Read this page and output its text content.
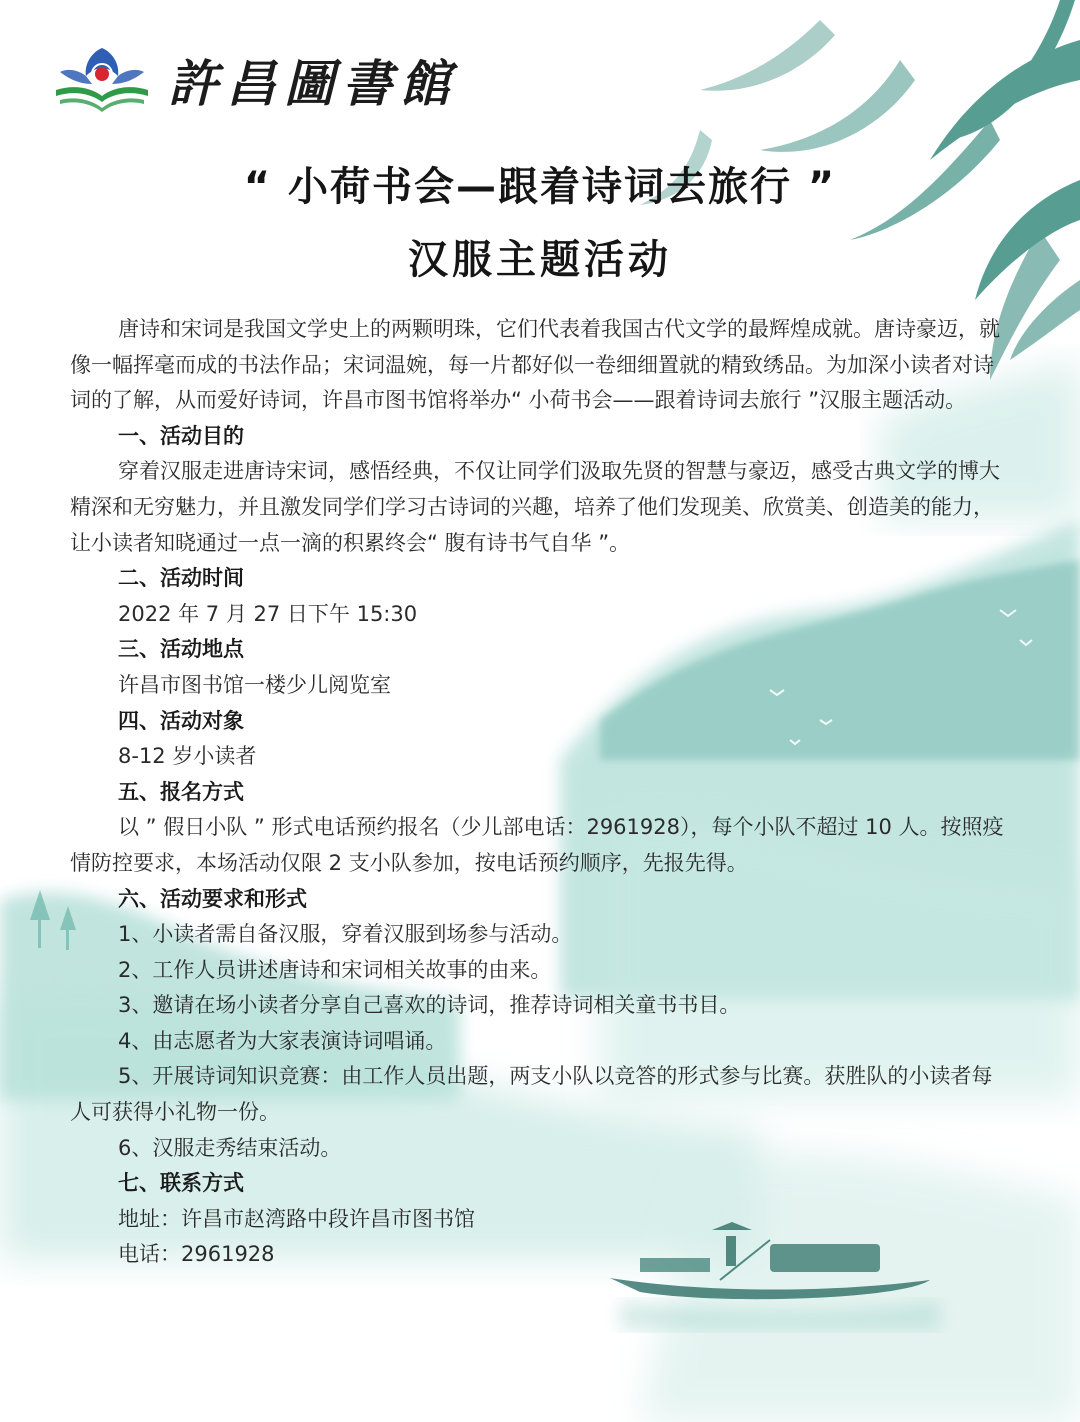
許昌圖書館
“ 小荷书会—跟着诗词去旅行 ”
汉服主题活动

唐诗和宋词是我国文学史上的两颗明珠，它们代表着我国古代文学的最辉煌成就。唐诗豪迈，就像一幅挥毫而成的书法作品；宋词温婉，每一片都好似一卷细细置就的精致绣品。为加深小读者对诗词的了解，从而爱好诗词，许昌市图书馆将举办“ 小荷书会——跟着诗词去旅行 ”汉服主题活动。

一、活动目的

穿着汉服走进唐诗宋词，感悟经典，不仅让同学们汲取先贤的智慧与豪迈，感受古典文学的博大精深和无穷魅力，并且激发同学们学习古诗词的兴趣，培养了他们发现美、欣赏美、创造美的能力，让小读者知晓通过一点一滴的积累终会“ 腹有诗书气自华 ”。

二、活动时间

2022 年 7 月 27 日下午 15:30

三、活动地点

许昌市图书馆一楼少儿阅览室

四、活动对象

8-12 岁小读者

五、报名方式

以 ” 假日小队 ” 形式电话预约报名（少儿部电话：2961928），每个小队不超过 10 人。按照疫情防控要求，本场活动仅限 2 支小队参加，按电话预约顺序，先报先得。

六、活动要求和形式

1、小读者需自备汉服，穿着汉服到场参与活动。

2、工作人员讲述唐诗和宋词相关故事的由来。

3、邀请在场小读者分享自己喜欢的诗词，推荐诗词相关童书书目。

4、由志愿者为大家表演诗词唱诵。

5、开展诗词知识竞赛：由工作人员出题，两支小队以竞答的形式参与比赛。获胜队的小读者每人可获得小礼物一份。

6、汉服走秀结束活动。

七、联系方式

地址：许昌市赵湾路中段许昌市图书馆

电话：2961928
